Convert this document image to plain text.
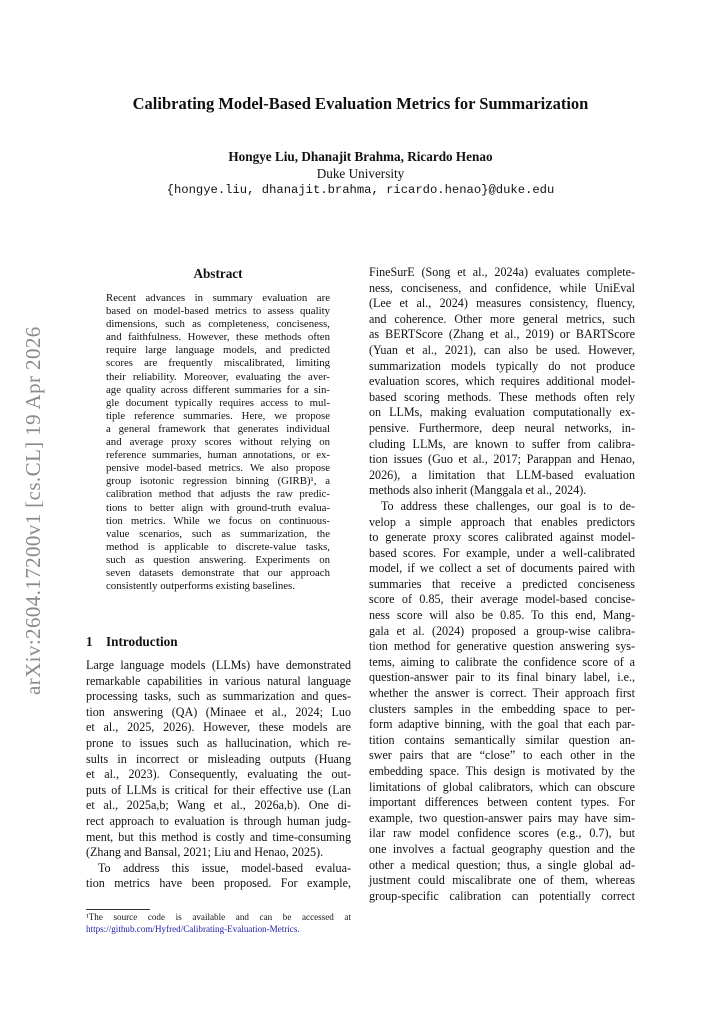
arXiv:2604.17200v1 [cs.CL] 19 Apr 2026
Calibrating Model-Based Evaluation Metrics for Summarization
Hongye Liu, Dhanajit Brahma, Ricardo Henao
Duke University
{hongye.liu, dhanajit.brahma, ricardo.henao}@duke.edu
Abstract
Recent advances in summary evaluation are
based on model-based metrics to assess quality
dimensions, such as completeness, conciseness,
and faithfulness. However, these methods often
require large language models, and predicted
scores are frequently miscalibrated, limiting
their reliability. Moreover, evaluating the aver-
age quality across different summaries for a sin-
gle document typically requires access to mul-
tiple reference summaries. Here, we propose
a general framework that generates individual
and average proxy scores without relying on
reference summaries, human annotations, or ex-
pensive model-based metrics. We also propose
group isotonic regression binning (GIRB)¹, a
calibration method that adjusts the raw predic-
tions to better align with ground-truth evalua-
tion metrics. While we focus on continuous-
value scenarios, such as summarization, the
method is applicable to discrete-value tasks,
such as question answering. Experiments on
seven datasets demonstrate that our approach
consistently outperforms existing baselines.
1 Introduction
Large language models (LLMs) have demonstrated
remarkable capabilities in various natural language
processing tasks, such as summarization and ques-
tion answering (QA) (Minaee et al., 2024; Luo
et al., 2025, 2026). However, these models are
prone to issues such as hallucination, which re-
sults in incorrect or misleading outputs (Huang
et al., 2023). Consequently, evaluating the out-
puts of LLMs is critical for their effective use (Lan
et al., 2025a,b; Wang et al., 2026a,b). One di-
rect approach to evaluation is through human judg-
ment, but this method is costly and time-consuming
(Zhang and Bansal, 2021; Liu and Henao, 2025).
To address this issue, model-based evalua-
tion metrics have been proposed. For example,
¹The source code is available and can be accessed at
https://github.com/Hyfred/Calibrating-Evaluation-Metrics.
FineSurE (Song et al., 2024a) evaluates complete-
ness, conciseness, and confidence, while UniEval
(Lee et al., 2024) measures consistency, fluency,
and coherence. Other more general metrics, such
as BERTScore (Zhang et al., 2019) or BARTScore
(Yuan et al., 2021), can also be used. However,
summarization models typically do not produce
evaluation scores, which requires additional model-
based scoring methods. These methods often rely
on LLMs, making evaluation computationally ex-
pensive. Furthermore, deep neural networks, in-
cluding LLMs, are known to suffer from calibra-
tion issues (Guo et al., 2017; Parappan and Henao,
2026), a limitation that LLM-based evaluation
methods also inherit (Manggala et al., 2024).
To address these challenges, our goal is to de-
velop a simple approach that enables predictors
to generate proxy scores calibrated against model-
based scores. For example, under a well-calibrated
model, if we collect a set of documents paired with
summaries that receive a predicted conciseness
score of 0.85, their average model-based concise-
ness score will also be 0.85. To this end, Mang-
gala et al. (2024) proposed a group-wise calibra-
tion method for generative question answering sys-
tems, aiming to calibrate the confidence score of a
question-answer pair to its final binary label, i.e.,
whether the answer is correct. Their approach first
clusters samples in the embedding space to per-
form adaptive binning, with the goal that each par-
tition contains semantically similar question an-
swer pairs that are “close” to each other in the
embedding space. This design is motivated by the
limitations of global calibrators, which can obscure
important differences between content types. For
example, two question-answer pairs may have sim-
ilar raw model confidence scores (e.g., 0.7), but
one involves a factual geography question and the
other a medical question; thus, a single global ad-
justment could miscalibrate one of them, whereas
group-specific calibration can potentially correct
